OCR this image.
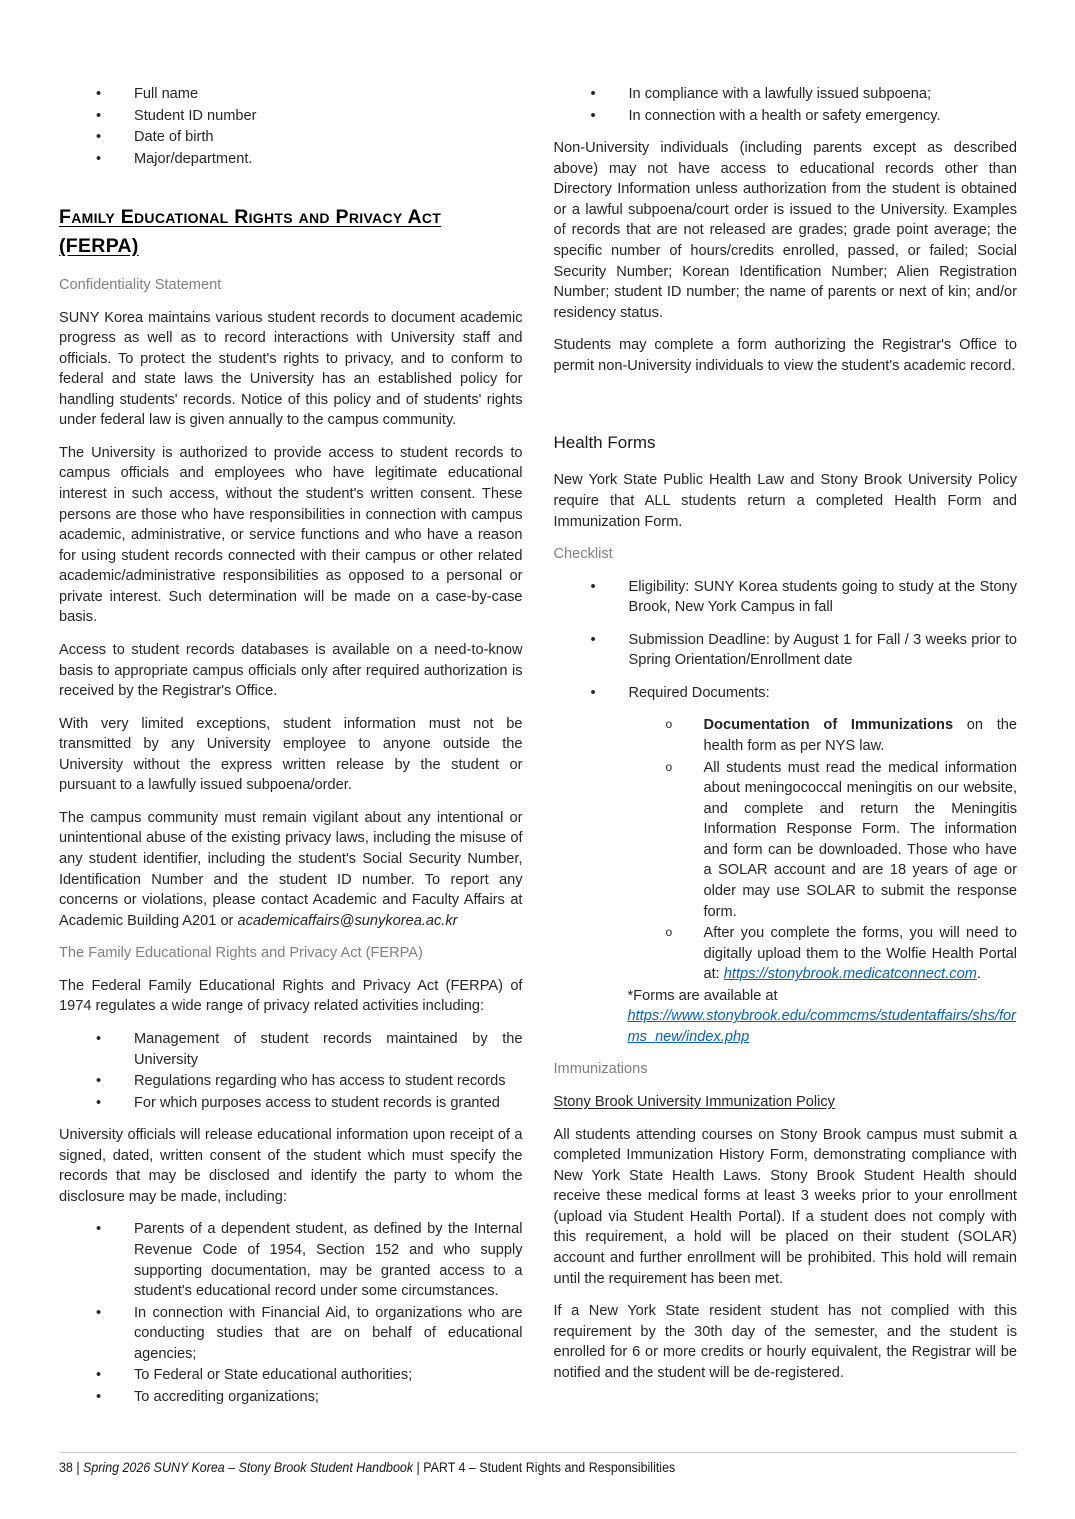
• Full name
• Student ID number
• Date of birth
• Major/department.
Family Educational Rights and Privacy Act (FERPA)
Confidentiality Statement

SUNY Korea maintains various student records to document academic progress as well as to record interactions with University staff and officials. To protect the student's rights to privacy, and to conform to federal and state laws the University has an established policy for handling students' records. Notice of this policy and of students' rights under federal law is given annually to the campus community.

The University is authorized to provide access to student records to campus officials and employees who have legitimate educational interest in such access, without the student's written consent. These persons are those who have responsibilities in connection with campus academic, administrative, or service functions and who have a reason for using student records connected with their campus or other related academic/administrative responsibilities as opposed to a personal or private interest. Such determination will be made on a case-by-case basis.

Access to student records databases is available on a need-to-know basis to appropriate campus officials only after required authorization is received by the Registrar's Office.

With very limited exceptions, student information must not be transmitted by any University employee to anyone outside the University without the express written release by the student or pursuant to a lawfully issued subpoena/order.

The campus community must remain vigilant about any intentional or unintentional abuse of the existing privacy laws, including the misuse of any student identifier, including the student's Social Security Number, Identification Number and the student ID number. To report any concerns or violations, please contact Academic and Faculty Affairs at Academic Building A201 or academicaffairs@sunykorea.ac.kr

The Family Educational Rights and Privacy Act (FERPA)

The Federal Family Educational Rights and Privacy Act (FERPA) of 1974 regulates a wide range of privacy related activities including:

• Management of student records maintained by the University
• Regulations regarding who has access to student records
• For which purposes access to student records is granted

University officials will release educational information upon receipt of a signed, dated, written consent of the student which must specify the records that may be disclosed and identify the party to whom the disclosure may be made, including:

• Parents of a dependent student, as defined by the Internal Revenue Code of 1954, Section 152 and who supply supporting documentation, may be granted access to a student's educational record under some circumstances.
• In connection with Financial Aid, to organizations who are conducting studies that are on behalf of educational agencies;
• To Federal or State educational authorities;
• To accrediting organizations;
• In compliance with a lawfully issued subpoena;
• In connection with a health or safety emergency.

Non-University individuals (including parents except as described above) may not have access to educational records other than Directory Information unless authorization from the student is obtained or a lawful subpoena/court order is issued to the University. Examples of records that are not released are grades; grade point average; the specific number of hours/credits enrolled, passed, or failed; Social Security Number; Korean Identification Number; Alien Registration Number; student ID number; the name of parents or next of kin; and/or residency status.

Students may complete a form authorizing the Registrar's Office to permit non-University individuals to view the student's academic record.

Health Forms

New York State Public Health Law and Stony Brook University Policy require that ALL students return a completed Health Form and Immunization Form.

Checklist
• Eligibility: SUNY Korea students going to study at the Stony Brook, New York Campus in fall
• Submission Deadline: by August 1 for Fall / 3 weeks prior to Spring Orientation/Enrollment date
• Required Documents:
o Documentation of Immunizations on the health form as per NYS law.
o All students must read the medical information about meningococcal meningitis on our website, and complete and return the Meningitis Information Response Form. The information and form can be downloaded. Those who have a SOLAR account and are 18 years of age or older may use SOLAR to submit the response form.
o After you complete the forms, you will need to digitally upload them to the Wolfie Health Portal at: https://stonybrook.medicatconnect.com.
*Forms are available at
https://www.stonybrook.edu/commcms/studentaffairs/shs/forms_new/index.php
Immunizations

Stony Brook University Immunization Policy

All students attending courses on Stony Brook campus must submit a completed Immunization History Form, demonstrating compliance with New York State Health Laws. Stony Brook Student Health should receive these medical forms at least 3 weeks prior to your enrollment (upload via Student Health Portal). If a student does not comply with this requirement, a hold will be placed on their student (SOLAR) account and further enrollment will be prohibited. This hold will remain until the requirement has been met.

If a New York State resident student has not complied with this requirement by the 30th day of the semester, and the student is enrolled for 6 or more credits or hourly equivalent, the Registrar will be notified and the student will be de-registered.

38 | Spring 2026 SUNY Korea – Stony Brook Student Handbook | PART 4 – Student Rights and Responsibilities
